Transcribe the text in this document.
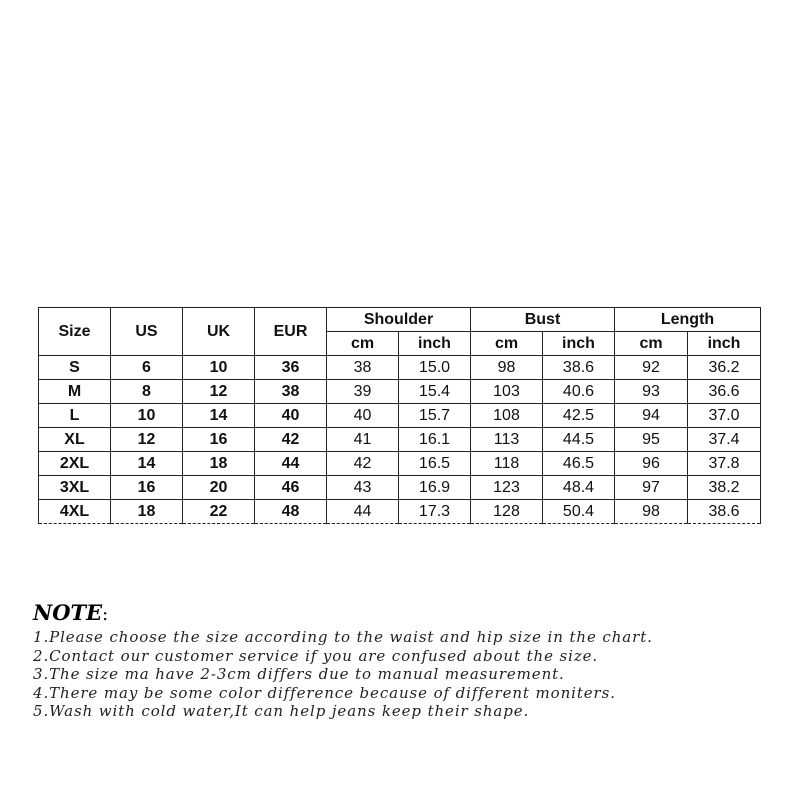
Size	US	UK	EUR	Shoulder		Bust		Length	
				cm	inch	cm	inch	cm	inch
S	6	10	36	38	15.0	98	38.6	92	36.2
M	8	12	38	39	15.4	103	40.6	93	36.6
L	10	14	40	40	15.7	108	42.5	94	37.0
XL	12	16	42	41	16.1	113	44.5	95	37.4
2XL	14	18	44	42	16.5	118	46.5	96	37.8
3XL	16	20	46	43	16.9	123	48.4	97	38.2
4XL	18	22	48	44	17.3	128	50.4	98	38.6
NOTE:
1.Please choose the size according to the waist and hip size in the chart.
2.Contact our customer service if you are confused about the size.
3.The size ma have 2-3cm differs due to manual measurement.
4.There may be some color difference because of different moniters.
5.Wash with cold water,It can help jeans keep their shape.
